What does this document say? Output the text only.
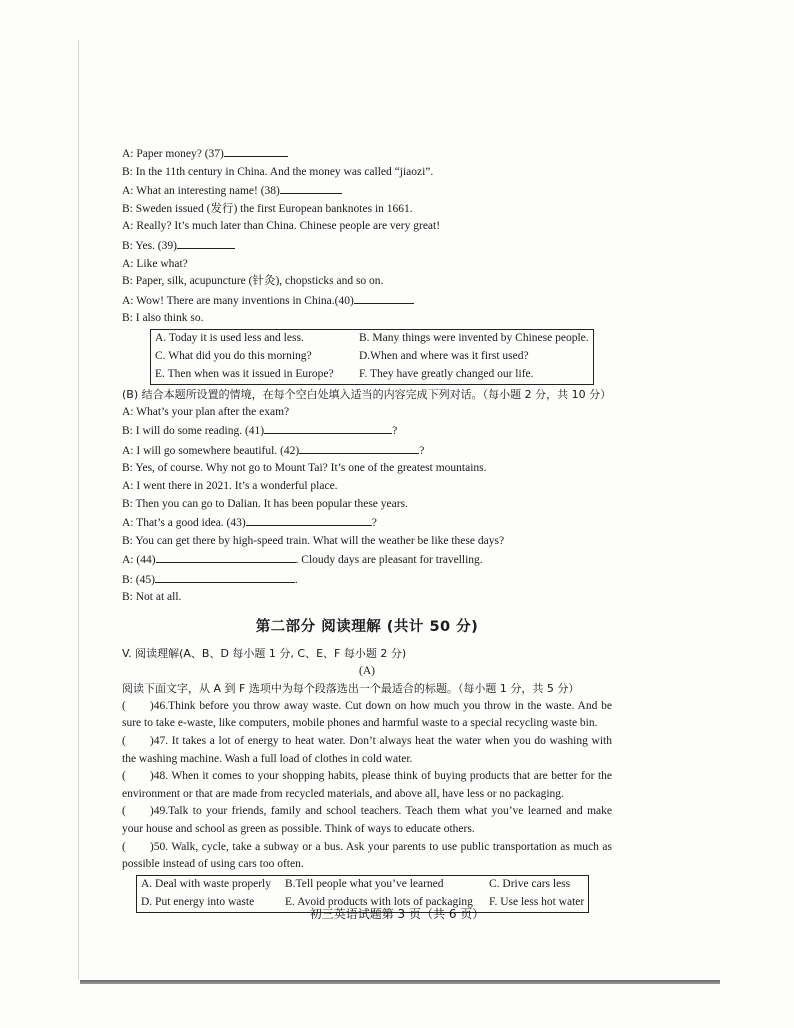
A: Paper money? (37)
B: In the 11th century in China. And the money was called “jiaozi”.
A: What an interesting name! (38)
B: Sweden issued (发行) the first European banknotes in 1661.
A: Really? It’s much later than China. Chinese people are very great!
B: Yes. (39)
A: Like what?
B: Paper, silk, acupuncture (针灸), chopsticks and so on.
A: Wow! There are many inventions in China.(40)
B: I also think so.
A. Today it is used less and less.	B. Many things were invented by Chinese people.
C. What did you do this morning?	D.When and where was it first used?
E. Then when was it issued in Europe?	F. They have greatly changed our life.
(B) 结合本题所设置的情境，在每个空白处填入适当的内容完成下列对话。（每小题 2 分，共 10 分）
A: What’s your plan after the exam?
B: I will do some reading. (41)	?
A: I will go somewhere beautiful. (42)	?
B: Yes, of course. Why not go to Mount Tai? It’s one of the greatest mountains.
A: I went there in 2021. It’s a wonderful place.
B: Then you can go to Dalian. It has been popular these years.
A: That’s a good idea. (43)	?
B: You can get there by high-speed train. What will the weather be like these days?
A: (44)	. Cloudy days are pleasant for travelling.
B: (45)	.
B: Not at all.
第二部分 阅读理解 (共计 50 分)
V. 阅读理解(A、B、D 每小题 1 分, C、E、F 每小题 2 分)
(A)
阅读下面文字，从 A 到 F 选项中为每个段落选出一个最适合的标题。（每小题 1 分，共 5 分）
( )46.Think before you throw away waste. Cut down on how much you throw in the waste. And be sure to take e-waste, like computers, mobile phones and harmful waste to a special recycling waste bin.
( )47. It takes a lot of energy to heat water. Don’t always heat the water when you do washing with the washing machine. Wash a full load of clothes in cold water.
( )48. When it comes to your shopping habits, please think of buying products that are better for the environment or that are made from recycled materials, and above all, have less or no packaging.
( )49.Talk to your friends, family and school teachers. Teach them what you’ve learned and make your house and school as green as possible. Think of ways to educate others.
( )50. Walk, cycle, take a subway or a bus. Ask your parents to use public transportation as much as possible instead of using cars too often.
A. Deal with waste properly	B.Tell people what you’ve learned	C. Drive cars less
D. Put energy into waste	E. Avoid products with lots of packaging	F. Use less hot water
初三英语试题第 3 页（共 6 页）
